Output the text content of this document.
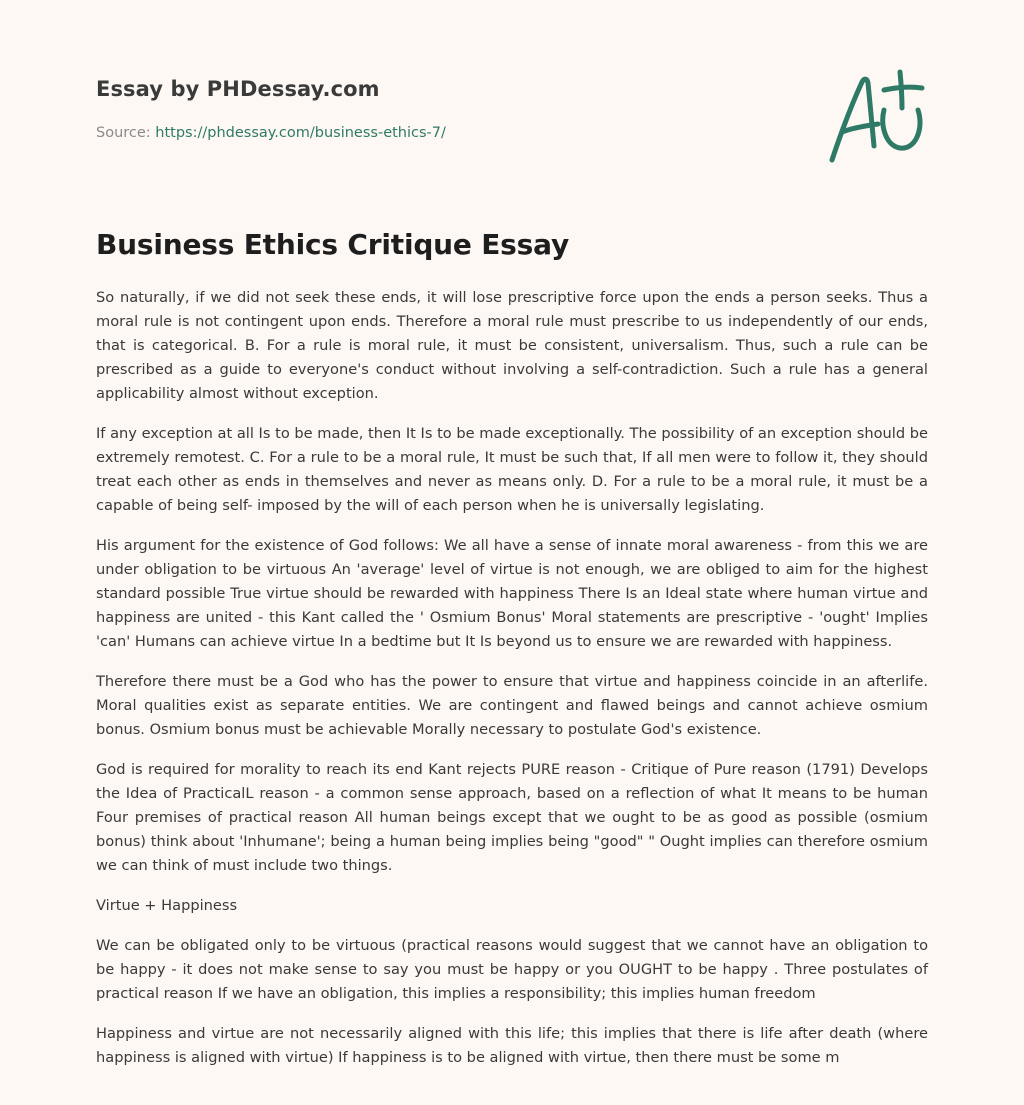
Essay by PHDessay.com
Source: https://phdessay.com/business-ethics-7/
Business Ethics Critique Essay

So naturally, if we did not seek these ends, it will lose prescriptive force upon the ends a person seeks. Thus a moral rule is not contingent upon ends. Therefore a moral rule must prescribe to us independently of our ends, that is categorical. B. For a rule is moral rule, it must be consistent, universalism. Thus, such a rule can be prescribed as a guide to everyone's conduct without involving a self-contradiction. Such a rule has a general applicability almost without exception.

If any exception at all Is to be made, then It Is to be made exceptionally. The possibility of an exception should be extremely remotest. C. For a rule to be a moral rule, It must be such that, If all men were to follow it, they should treat each other as ends in themselves and never as means only. D. For a rule to be a moral rule, it must be a capable of being self- imposed by the will of each person when he is universally legislating.

His argument for the existence of God follows: We all have a sense of innate moral awareness - from this we are under obligation to be virtuous An 'average' level of virtue is not enough, we are obliged to aim for the highest standard possible True virtue should be rewarded with happiness There Is an Ideal state where human virtue and happiness are united - this Kant called the ' Osmium Bonus' Moral statements are prescriptive - 'ought' Implies 'can' Humans can achieve virtue In a bedtime but It Is beyond us to ensure we are rewarded with happiness.

Therefore there must be a God who has the power to ensure that virtue and happiness coincide in an afterlife. Moral qualities exist as separate entities. We are contingent and flawed beings and cannot achieve osmium bonus. Osmium bonus must be achievable Morally necessary to postulate God's existence.

God is required for morality to reach its end Kant rejects PURE reason - Critique of Pure reason (1791) Develops the Idea of PracticalL reason - a common sense approach, based on a reflection of what It means to be human Four premises of practical reason All human beings except that we ought to be as good as possible (osmium bonus) think about 'Inhumane'; being a human being implies being "good" " Ought implies can therefore osmium we can think of must include two things.

Virtue + Happiness

We can be obligated only to be virtuous (practical reasons would suggest that we cannot have an obligation to be happy - it does not make sense to say you must be happy or you OUGHT to be happy . Three postulates of practical reason If we have an obligation, this implies a responsibility; this implies human freedom

Happiness and virtue are not necessarily aligned with this life; this implies that there is life after death (where happiness is aligned with virtue) If happiness is to be aligned with virtue, then there must be some m
